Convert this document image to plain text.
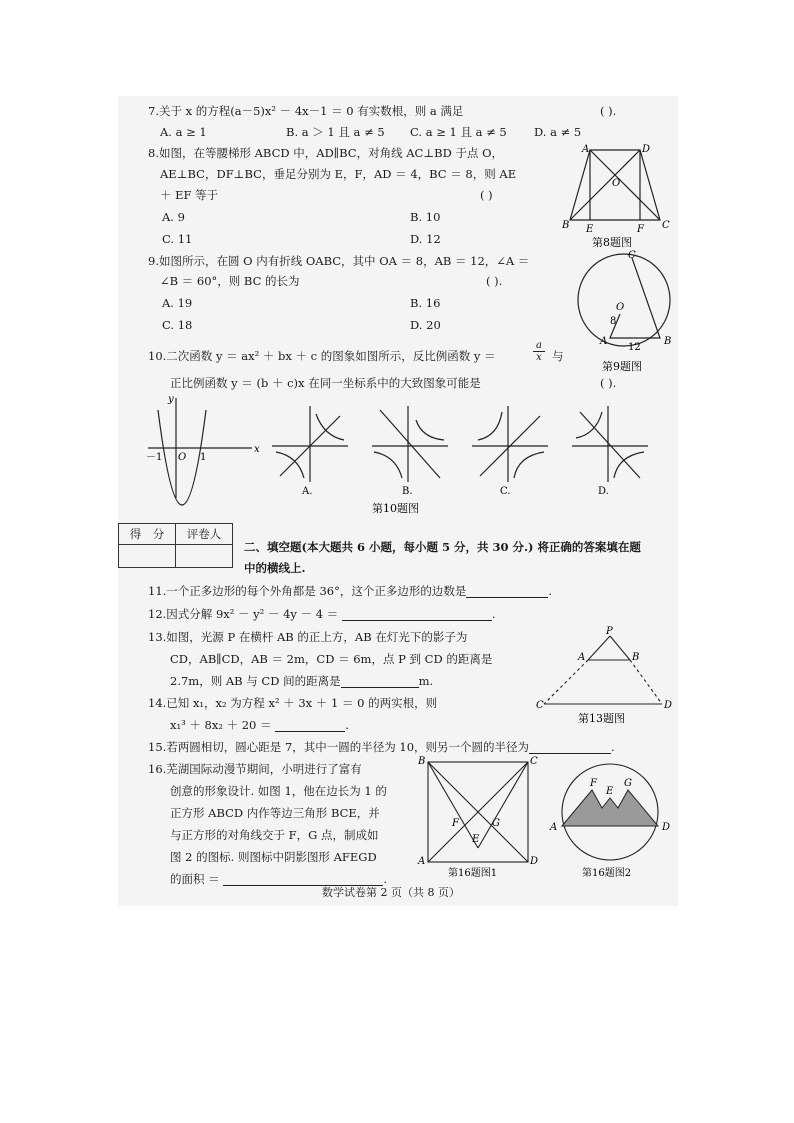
7.关于 x 的方程(a－5)x² － 4x－1 ＝ 0 有实数根，则 a 满足	( ).
A. a ≥ 1	B. a ＞ 1 且 a ≠ 5 C. a ≥ 1 且 a ≠ 5 D. a ≠ 5
8.如图，在等腰梯形 ABCD 中，AD∥BC，对角线 AC⊥BD 于点 O，
AE⊥BC，DF⊥BC，垂足分别为 E，F，AD ＝ 4，BC ＝ 8，则 AE
＋ EF 等于	( )
A. 9	B. 10
C. 11	D. 12
A	D
B	C
E	F
O
第8题图
9.如图所示，在圆 O 内有折线 OABC，其中 OA ＝ 8，AB ＝ 12，∠A ＝
∠B ＝ 60°，则 BC 的长为	( ).
A. 19	B. 16
C. 18	D. 20
C
O
8
A	B
12
第9题图
10.二次函数 y ＝ ax² ＋ bx ＋ c 的图象如图所示，反比例函数 y ＝	$\frac{a}{x}$ 与
正比例函数 y ＝ (b ＋ c)x 在同一坐标系中的大致图象可能是	( ).
y
x
－1 O 1
A.	B.	C.	D.
第10题图
得　分	评卷人

二、填空题(本大题共 6 小题，每小题 5 分，共 30 分.) 将正确的答案填在题
中的横线上.
11.一个正多边形的每个外角都是 36°，这个正多边形的边数是	.
12.因式分解 9x² － y² － 4y － 4 ＝	.
13.如图，光源 P 在横杆 AB 的正上方，AB 在灯光下的影子为
CD，AB∥CD，AB ＝ 2m，CD ＝ 6m，点 P 到 CD 的距离是
2.7m，则 AB 与 CD 间的距离是	m.
P
A	B
C	D
第13题图
14.已知 x₁，x₂ 为方程 x² ＋ 3x ＋ 1 ＝ 0 的两实根，则
x₁³ ＋ 8x₂ ＋ 20 ＝	.
15.若两圆相切，圆心距是 7，其中一圆的半径为 10，则另一个圆的半径为	.
16.芜湖国际动漫节期间，小明进行了富有
创意的形象设计. 如图 1，他在边长为 1 的
正方形 ABCD 内作等边三角形 BCE，并
与正方形的对角线交于 F，G 点，制成如
图 2 的图标. 则图标中阴影图形 AFEGD
的面积 ＝	.
B	C
A	D
F	G
E
第16题图1
A	D
F	G
E
第16题图2
数学试卷第 2 页（共 8 页）
